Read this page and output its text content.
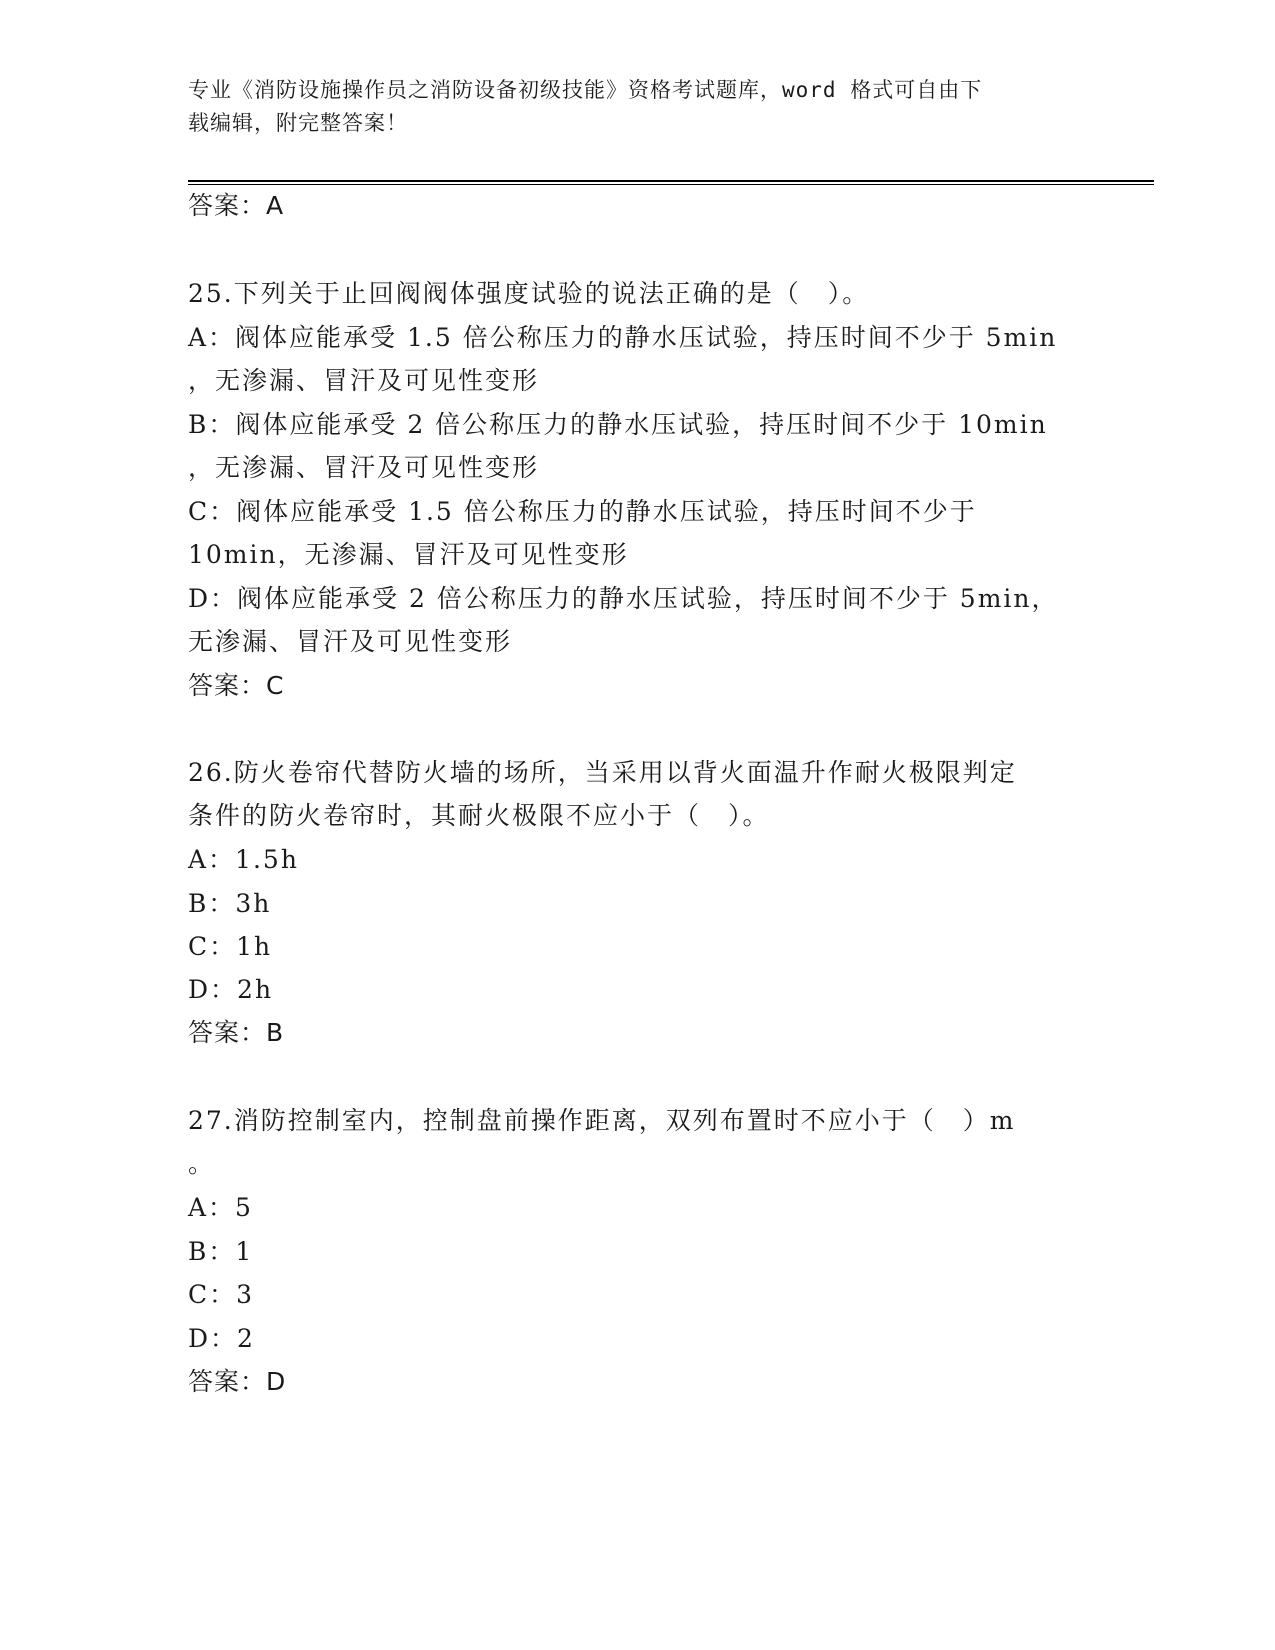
专业《消防设施操作员之消防设备初级技能》资格考试题库，word 格式可自由下
载编辑，附完整答案！
答案：A
25.下列关于止回阀阀体强度试验的说法正确的是（　）。
A：阀体应能承受 1.5 倍公称压力的静水压试验，持压时间不少于 5min
，无渗漏、冒汗及可见性变形
B：阀体应能承受 2 倍公称压力的静水压试验，持压时间不少于 10min
，无渗漏、冒汗及可见性变形
C：阀体应能承受 1.5 倍公称压力的静水压试验，持压时间不少于
10min，无渗漏、冒汗及可见性变形
D：阀体应能承受 2 倍公称压力的静水压试验，持压时间不少于 5min，
无渗漏、冒汗及可见性变形
答案：C
26.防火卷帘代替防火墙的场所，当采用以背火面温升作耐火极限判定
条件的防火卷帘时，其耐火极限不应小于（　）。
A：1.5h
B：3h
C：1h
D：2h
答案：B
27.消防控制室内，控制盘前操作距离，双列布置时不应小于（　）m
。
A：5
B：1
C：3
D：2
答案：D
